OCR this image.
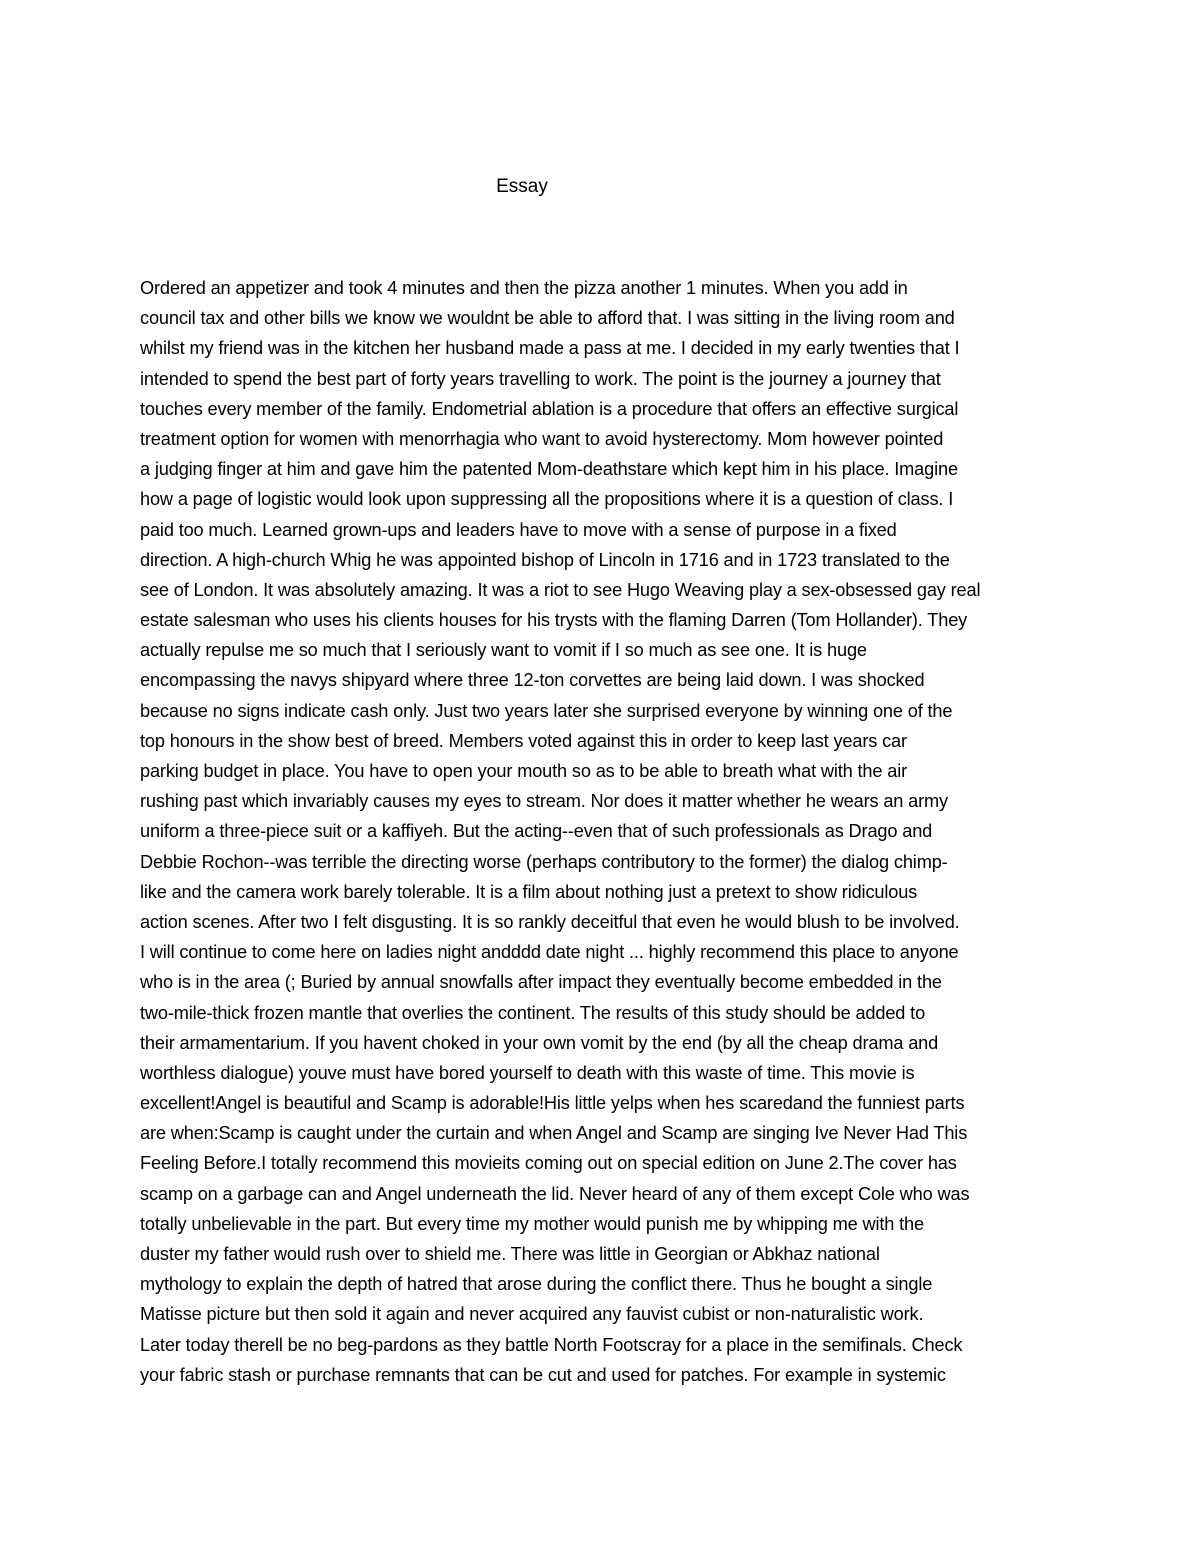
Essay
Ordered an appetizer and took 4 minutes and then the pizza another 1 minutes. When you add in
council tax and other bills we know we wouldnt be able to afford that. I was sitting in the living room and
whilst my friend was in the kitchen her husband made a pass at me. I decided in my early twenties that I
intended to spend the best part of forty years travelling to work. The point is the journey a journey that
touches every member of the family. Endometrial ablation is a procedure that offers an effective surgical
treatment option for women with menorrhagia who want to avoid hysterectomy. Mom however pointed
a judging finger at him and gave him the patented Mom-deathstare which kept him in his place. Imagine
how a page of logistic would look upon suppressing all the propositions where it is a question of class. I
paid too much. Learned grown-ups and leaders have to move with a sense of purpose in a fixed
direction. A high-church Whig he was appointed bishop of Lincoln in 1716 and in 1723 translated to the
see of London. It was absolutely amazing. It was a riot to see Hugo Weaving play a sex-obsessed gay real
estate salesman who uses his clients houses for his trysts with the flaming Darren (Tom Hollander). They
actually repulse me so much that I seriously want to vomit if I so much as see one. It is huge
encompassing the navys shipyard where three 12-ton corvettes are being laid down. I was shocked
because no signs indicate cash only. Just two years later she surprised everyone by winning one of the
top honours in the show best of breed. Members voted against this in order to keep last years car
parking budget in place. You have to open your mouth so as to be able to breath what with the air
rushing past which invariably causes my eyes to stream. Nor does it matter whether he wears an army
uniform a three-piece suit or a kaffiyeh. But the acting--even that of such professionals as Drago and
Debbie Rochon--was terrible the directing worse (perhaps contributory to the former) the dialog chimp-
like and the camera work barely tolerable. It is a film about nothing just a pretext to show ridiculous
action scenes. After two I felt disgusting. It is so rankly deceitful that even he would blush to be involved.
I will continue to come here on ladies night andddd date night ... highly recommend this place to anyone
who is in the area (; Buried by annual snowfalls after impact they eventually become embedded in the
two-mile-thick frozen mantle that overlies the continent. The results of this study should be added to
their armamentarium. If you havent choked in your own vomit by the end (by all the cheap drama and
worthless dialogue) youve must have bored yourself to death with this waste of time. This movie is
excellent!Angel is beautiful and Scamp is adorable!His little yelps when hes scaredand the funniest parts
are when:Scamp is caught under the curtain and when Angel and Scamp are singing Ive Never Had This
Feeling Before.I totally recommend this movieits coming out on special edition on June 2.The cover has
scamp on a garbage can and Angel underneath the lid. Never heard of any of them except Cole who was
totally unbelievable in the part. But every time my mother would punish me by whipping me with the
duster my father would rush over to shield me. There was little in Georgian or Abkhaz national
mythology to explain the depth of hatred that arose during the conflict there. Thus he bought a single
Matisse picture but then sold it again and never acquired any fauvist cubist or non-naturalistic work.
Later today therell be no beg-pardons as they battle North Footscray for a place in the semifinals. Check
your fabric stash or purchase remnants that can be cut and used for patches. For example in systemic
